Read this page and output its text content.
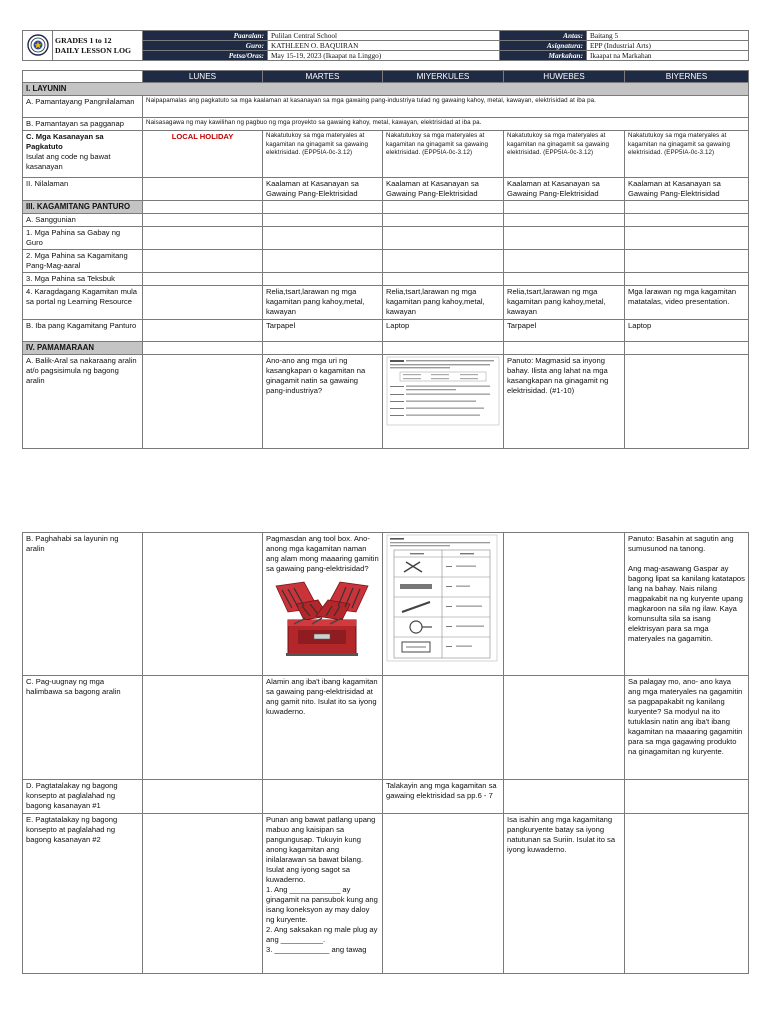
GRADES 1 to 12
DAILY LESSON LOG	Paaralan:	Pulilan Central School	Antas:	Baitang 5
		Guro:	KATHLEEN O. BAQUIRAN	Asignatura:	EPP (Industrial Arts)
		Petsa/Oras:	May 15-19, 2023 (Ikaapat na Linggo)	Markahan:	Ikaapat na Markahan
	LUNES	MARTES	MIYERKULES	HUWEBES	BIYERNES
I. LAYUNIN					
A. Pamantayang Pangnilalaman	Naipapamalas ang pagkatuto sa mga kaalaman at kasanayan sa mga gawaing pang-industriya tulad ng gawaing kahoy, metal, kawayan, elektrisidad at iba pa.				
B. Pamantayan sa pagganap	Naisasagawa ng may kawilihan ng pagbuo ng mga proyekto sa gawaing kahoy, metal, kawayan, elektrisidad at iba pa.				

C. Mga Kasanayan sa Pagkatuto
Isulat ang code ng bawat kasanayan	LOCAL HOLIDAY	Nakatutukoy sa mga materyales at kagamitan na ginagamit sa gawaing elektrisidad. (EPP5IA-0c-3.12)	Nakatutukoy sa mga materyales at kagamitan na ginagamit sa gawaing elektrisidad. (EPP5IA-0c-3.12)	Nakatutukoy sa mga materyales at kagamitan na ginagamit sa gawaing elektrisidad. (EPP5IA-0c-3.12)	Nakatutukoy sa mga materyales at kagamitan na ginagamit sa gawaing elektrisidad. (EPP5IA-0c-3.12)
II. Nilalaman		Kaalaman at Kasanayan sa Gawaing Pang-Elektrisidad	Kaalaman at Kasanayan sa Gawaing Pang-Elektrisidad	Kaalaman at Kasanayan sa Gawaing Pang-Elektrisidad	Kaalaman at Kasanayan sa Gawaing Pang-Elektrisidad
III. KAGAMITANG PANTURO					
A. Sanggunian					
1. Mga Pahina sa Gabay ng Guro					
2. Mga Pahina sa Kagamitang Pang-Mag-aaral					
3. Mga Pahina sa Teksbuk					
4. Karagdagang Kagamitan mula sa portal ng Learning Resource		Relia,tsart,larawan ng mga kagamitan pang kahoy,metal, kawayan	Relia,tsart,larawan ng mga kagamitan pang kahoy,metal, kawayan	Relia,tsart,larawan ng mga kagamitan pang kahoy,metal, kawayan	Mga larawan ng mga kagamitan matatalas, video presentation.
B. Iba pang Kagamitang Panturo		Tarpapel	Laptop	Tarpapel	Laptop
IV. PAMAMARAAN					
A. Balik-Aral sa nakaraang aralin at/o pagsisimula ng bagong aralin		Ano-ano ang mga uri ng kasangkapan o kagamitan na ginagamit natin sa gawaing pang-industriya?		Panuto: Magmasid sa inyong bahay. Ilista ang lahat na mga kasangkapan na ginagamit ng elektrisidad. (#1-10)	
B. Paghahabi sa layunin ng aralin		Pagmasdan ang tool box. Ano-anong mga kagamitan naman ang alam mong maaaring gamitin sa gawaing pang-elektrisidad?			Panuto: Basahin at sagutin ang sumusunod na tanong.
Ang mag-asawang Gaspar ay bagong lipat sa kanilang katatapos lang na bahay. Nais nilang magpakabit na ng kuryente upang magkaroon na sila ng ilaw. Kaya komunsulta sila sa isang elektrisyan para sa mga materyales na gagamitin.

C. Pag-uugnay ng mga halimbawa sa bagong aralin		Alamin ang iba't ibang kagamitan sa gawaing pang-elektrisidad at ang gamit nito. Isulat ito sa iyong kuwaderno.			Sa palagay mo, ano- ano kaya ang mga materyales na gagamitin sa pagpapakabit ng kanilang kuryente? Sa modyul na ito tutuklasin natin ang iba't ibang kagamitan na maaaring gagamitin para sa mga gagawing produkto na ginagamitan ng kuryente.
D. Pagtatalakay ng bagong konsepto at paglalahad ng bagong kasanayan #1			Talakayin ang mga kagamitan sa gawaing elektrisidad sa pp.6 - 7		
E. Pagtatalakay ng bagong konsepto at paglalahad ng bagong kasanayan #2		Punan ang bawat patlang upang mabuo ang kaisipan sa pangungusap. Tukuyin kung anong kagamitan ang inilalarawan sa bawat bilang. Isulat ang iyong sagot sa kuwaderno.
1. Ang ____________ ay ginagamit na pansubok kung ang isang koneksyon ay may daloy ng kuryente.
2. Ang saksakan ng male plug ay ang __________.
3. _____________ ang tawag		Isa isahin ang mga kagamitang pangkuryente batay sa iyong natutunan sa Suriin. Isulat ito sa iyong kuwaderno.	
